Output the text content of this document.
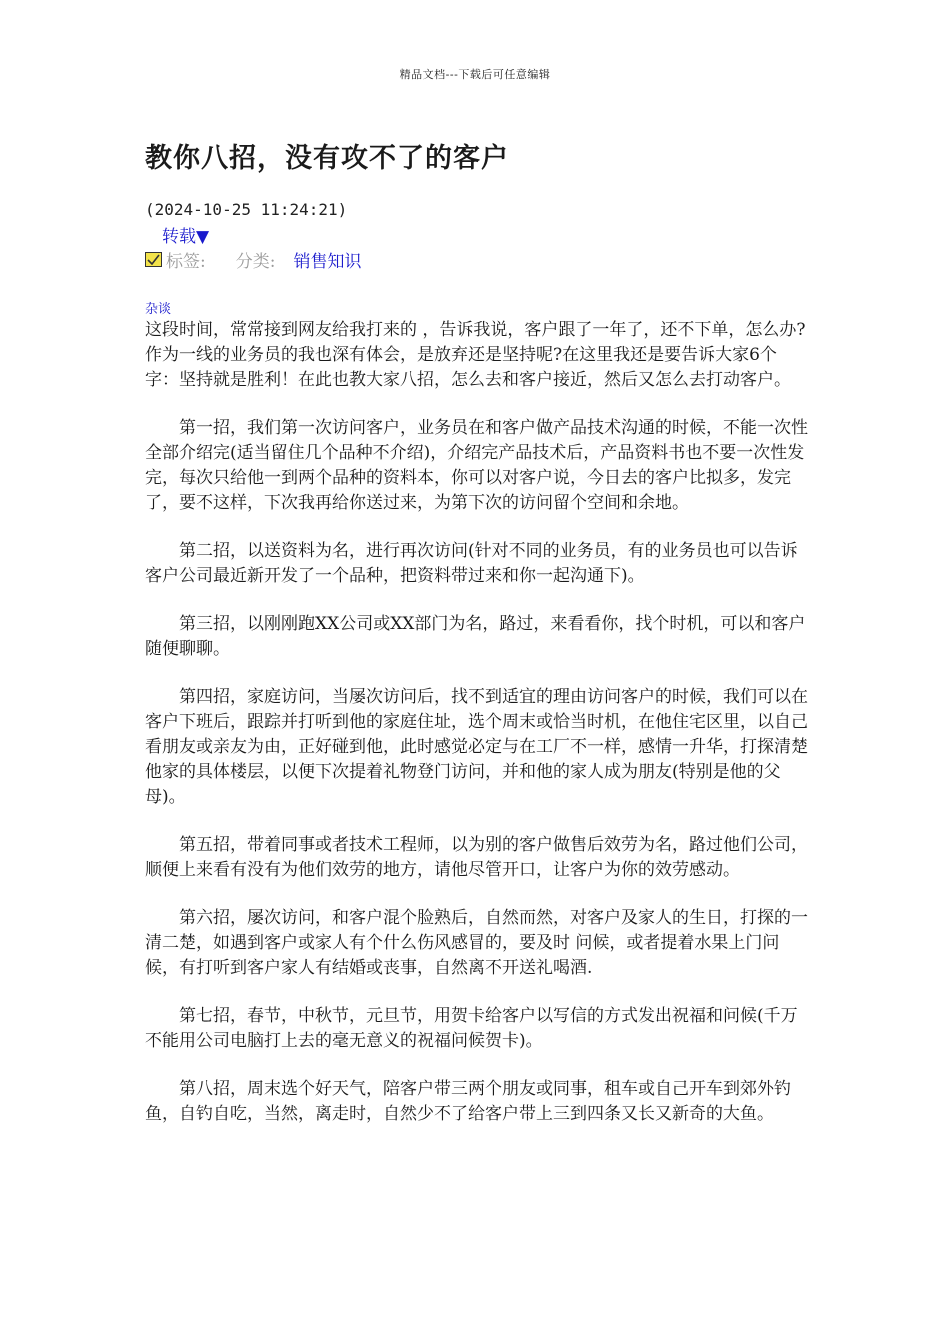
精品文档---下载后可任意编辑
教你八招，没有攻不了的客户
(2024-10-25 11:24:21)
转载▼
标签: 分类: 销售知识
杂谈

这段时间，常常接到网友给我打来的 ，告诉我说，客户跟了一年了，还不下单，怎么办?作为一线的业务员的我也深有体会，是放弃还是坚持呢?在这里我还是要告诉大家6个字：坚持就是胜利！在此也教大家八招，怎么去和客户接近，然后又怎么去打动客户。

第一招，我们第一次访问客户，业务员在和客户做产品技术沟通的时候，不能一次性全部介绍完(适当留住几个品种不介绍)，介绍完产品技术后，产品资料书也不要一次性发完，每次只给他一到两个品种的资料本，你可以对客户说，今日去的客户比拟多，发完了，要不这样，下次我再给你送过来，为第下次的访问留个空间和余地。

第二招，以送资料为名，进行再次访问(针对不同的业务员，有的业务员也可以告诉客户公司最近新开发了一个品种，把资料带过来和你一起沟通下)。

第三招，以刚刚跑XX公司或XX部门为名，路过，来看看你，找个时机，可以和客户随便聊聊。

第四招，家庭访问，当屡次访问后，找不到适宜的理由访问客户的时候，我们可以在客户下班后，跟踪并打听到他的家庭住址，选个周末或恰当时机，在他住宅区里，以自己看朋友或亲友为由，正好碰到他，此时感觉必定与在工厂不一样，感情一升华，打探清楚他家的具体楼层，以便下次提着礼物登门访问，并和他的家人成为朋友(特别是他的父母)。

第五招，带着同事或者技术工程师，以为别的客户做售后效劳为名，路过他们公司，顺便上来看有没有为他们效劳的地方，请他尽管开口，让客户为你的效劳感动。

第六招，屡次访问，和客户混个脸熟后，自然而然，对客户及家人的生日，打探的一清二楚，如遇到客户或家人有个什么伤风感冒的，要及时 问候，或者提着水果上门问候，有打听到客户家人有结婚或丧事，自然离不开送礼喝酒.

第七招，春节，中秋节，元旦节，用贺卡给客户以写信的方式发出祝福和问候(千万不能用公司电脑打上去的毫无意义的祝福问候贺卡)。

第八招，周末选个好天气，陪客户带三两个朋友或同事，租车或自己开车到郊外钓鱼，自钓自吃，当然，离走时，自然少不了给客户带上三到四条又长又新奇的大鱼。
